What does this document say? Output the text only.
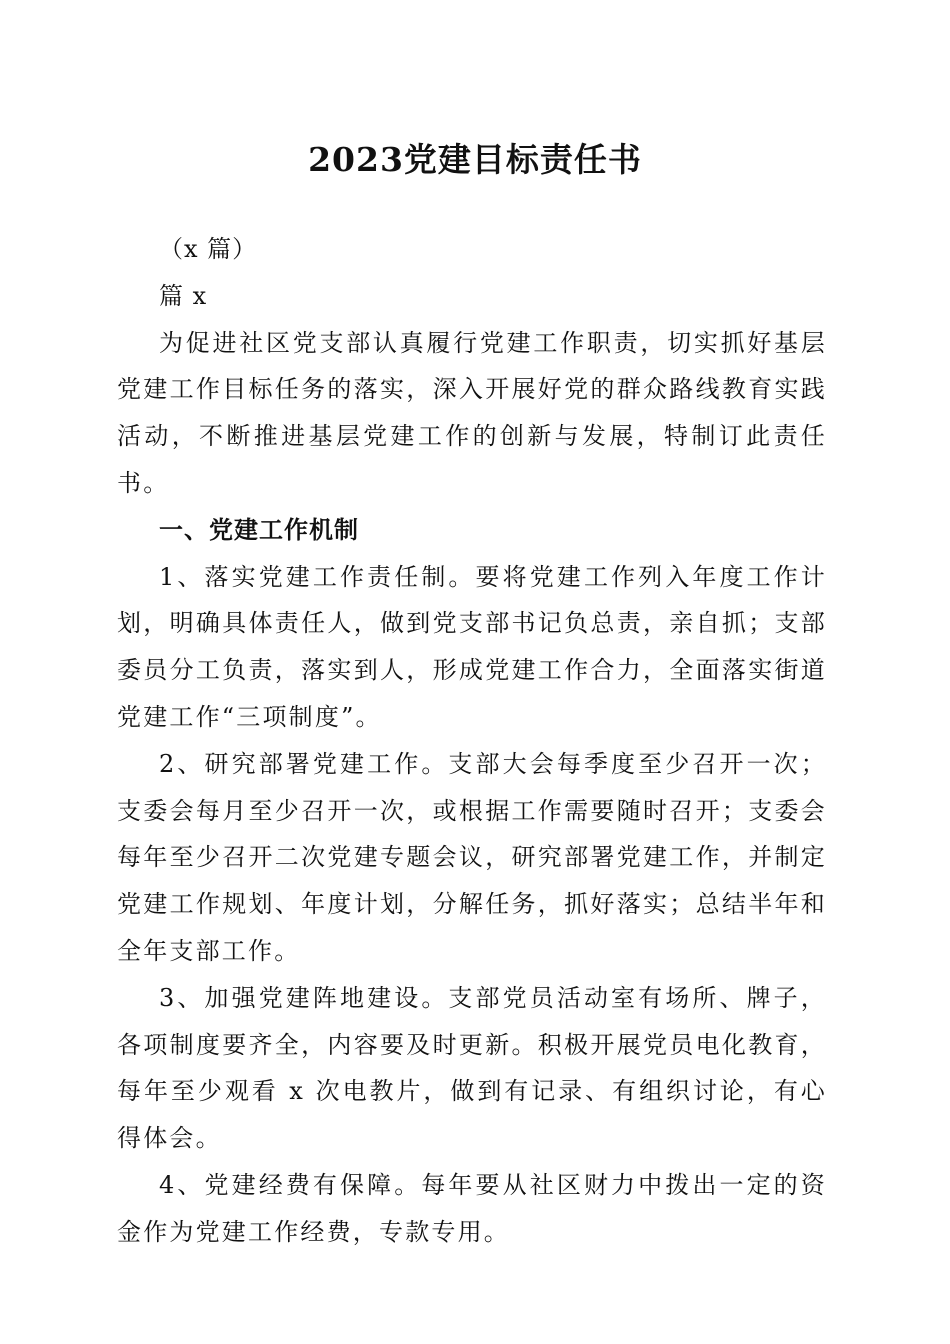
2023党建目标责任书

（x 篇）

篇 x

为促进社区党支部认真履行党建工作职责，切实抓好基层党建工作目标任务的落实，深入开展好党的群众路线教育实践活动，不断推进基层党建工作的创新与发展，特制订此责任书。

一、党建工作机制

1、落实党建工作责任制。要将党建工作列入年度工作计划，明确具体责任人，做到党支部书记负总责，亲自抓；支部委员分工负责，落实到人，形成党建工作合力，全面落实街道党建工作“三项制度”。

2、研究部署党建工作。支部大会每季度至少召开一次；支委会每月至少召开一次，或根据工作需要随时召开；支委会每年至少召开二次党建专题会议，研究部署党建工作，并制定党建工作规划、年度计划，分解任务，抓好落实；总结半年和全年支部工作。

3、加强党建阵地建设。支部党员活动室有场所、牌子，各项制度要齐全，内容要及时更新。积极开展党员电化教育，每年至少观看 x 次电教片，做到有记录、有组织讨论，有心得体会。

4、党建经费有保障。每年要从社区财力中拨出一定的资金作为党建工作经费，专款专用。
